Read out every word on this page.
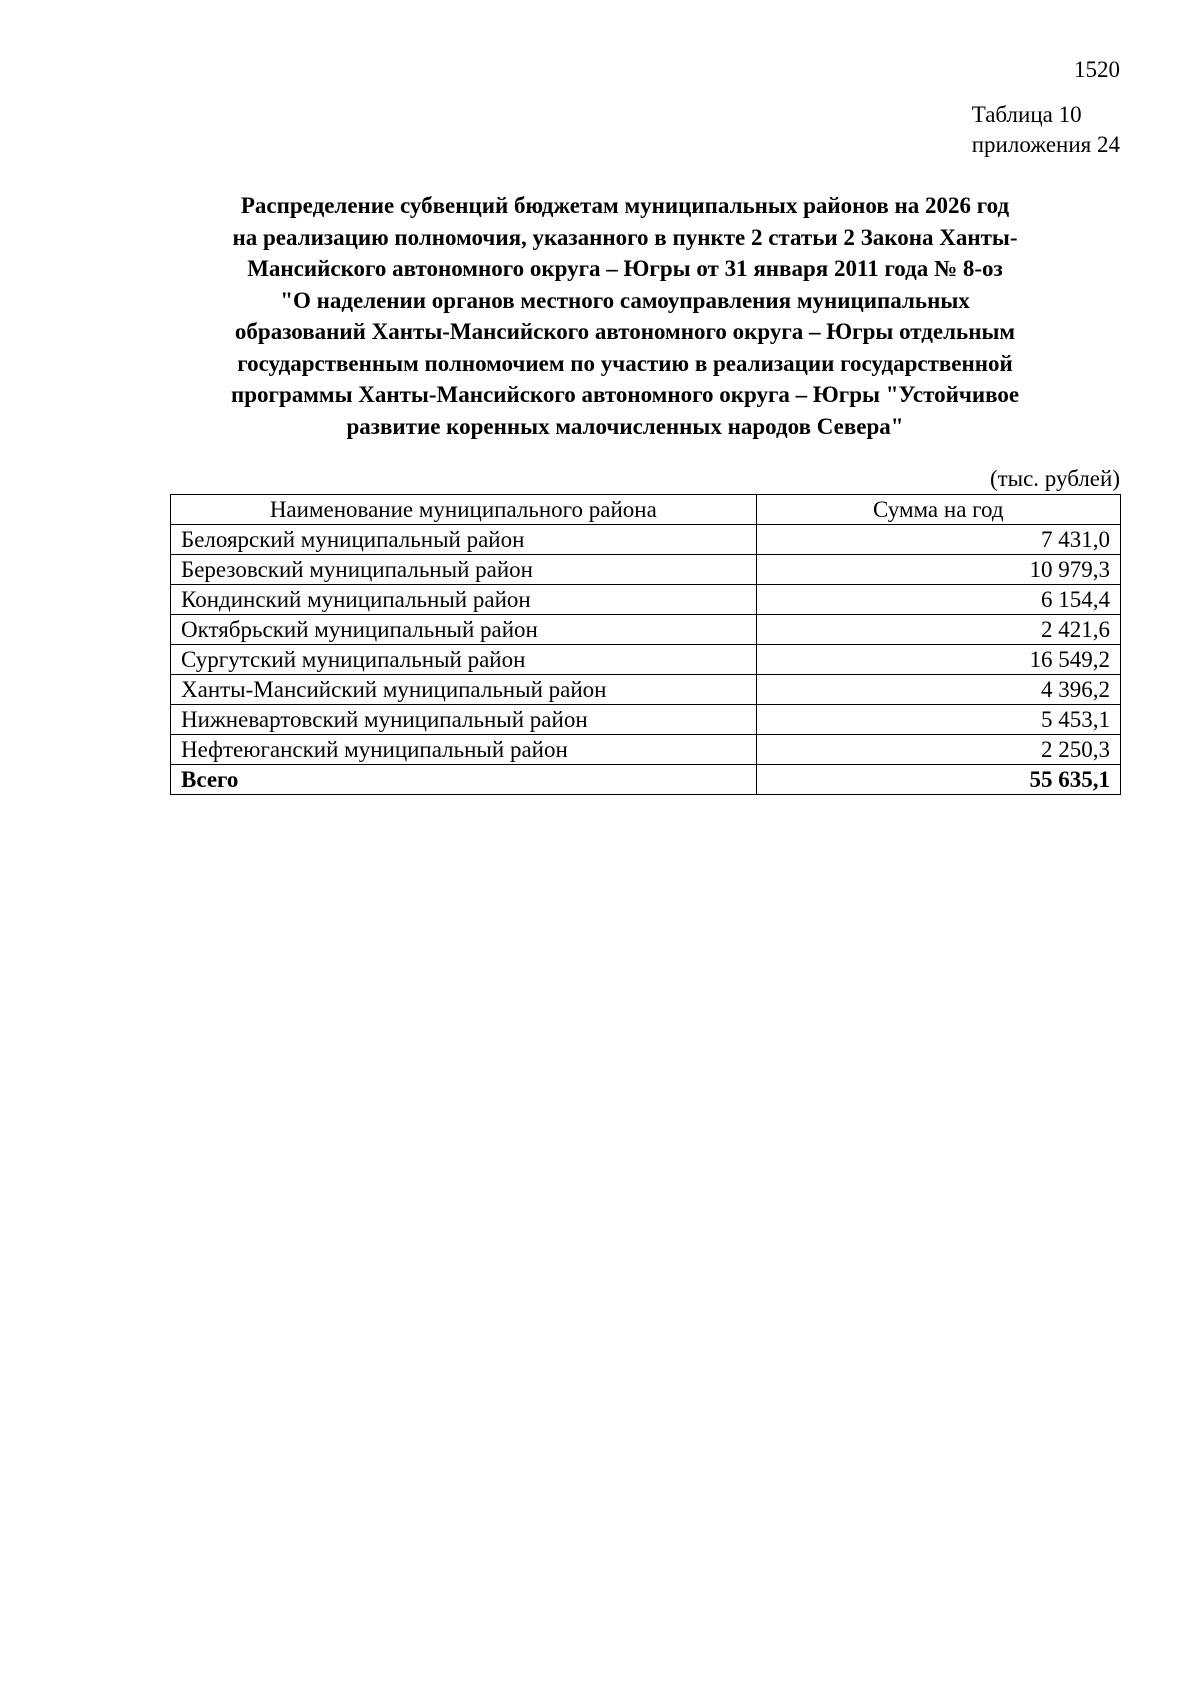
1520
Таблица 10
приложения 24
Распределение субвенций бюджетам муниципальных районов на 2026 год
на реализацию полномочия, указанного в пункте 2 статьи 2 Закона Ханты-
Мансийского автономного округа – Югры от 31 января 2011 года № 8-оз
"О наделении органов местного самоуправления муниципальных
образований Ханты-Мансийского автономного округа – Югры отдельным
государственным полномочием по участию в реализации государственной
программы Ханты-Мансийского автономного округа – Югры "Устойчивое
развитие коренных малочисленных народов Севера"
(тыс. рублей)
Наименование муниципального района	Сумма на год
Белоярский муниципальный район	7 431,0
Березовский муниципальный район	10 979,3
Кондинский муниципальный район	6 154,4
Октябрьский муниципальный район	2 421,6
Сургутский муниципальный район	16 549,2
Ханты-Мансийский муниципальный район	4 396,2
Нижневартовский муниципальный район	5 453,1
Нефтеюганский муниципальный район	2 250,3
Всего	55 635,1
